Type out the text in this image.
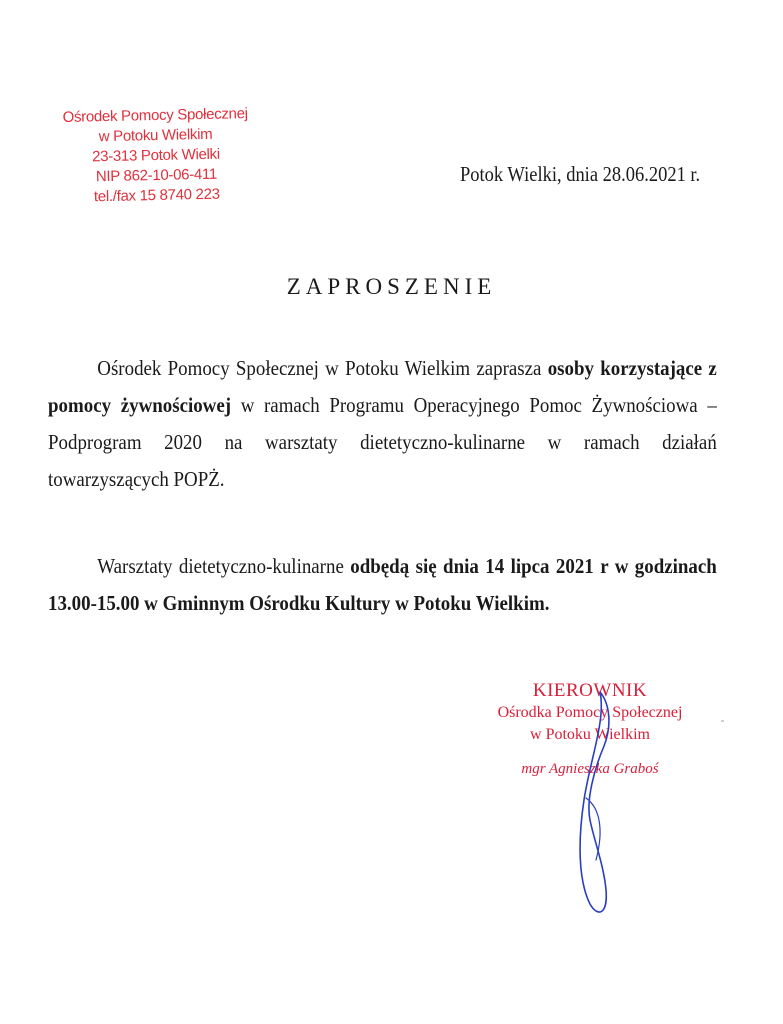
Ośrodek Pomocy Społecznej
w Potoku Wielkim
23-313 Potok Wielki
NIP 862-10-06-411
tel./fax 15 8740 223
Potok Wielki, dnia 28.06.2021 r.
ZAPROSZENIE
Ośrodek Pomocy Społecznej w Potoku Wielkim zaprasza osoby korzystające z pomocy żywnościowej w ramach Programu Operacyjnego Pomoc Żywnościowa – Podprogram 2020 na warsztaty dietetyczno-kulinarne w ramach działań towarzyszących POPŻ.
Warsztaty dietetyczno-kulinarne odbędą się dnia 14 lipca 2021 r w godzinach 13.00-15.00 w Gminnym Ośrodku Kultury w Potoku Wielkim.
KIEROWNIK
Ośrodka Pomocy Społecznej
w Potoku Wielkim
mgr Agnieszka Graboś
